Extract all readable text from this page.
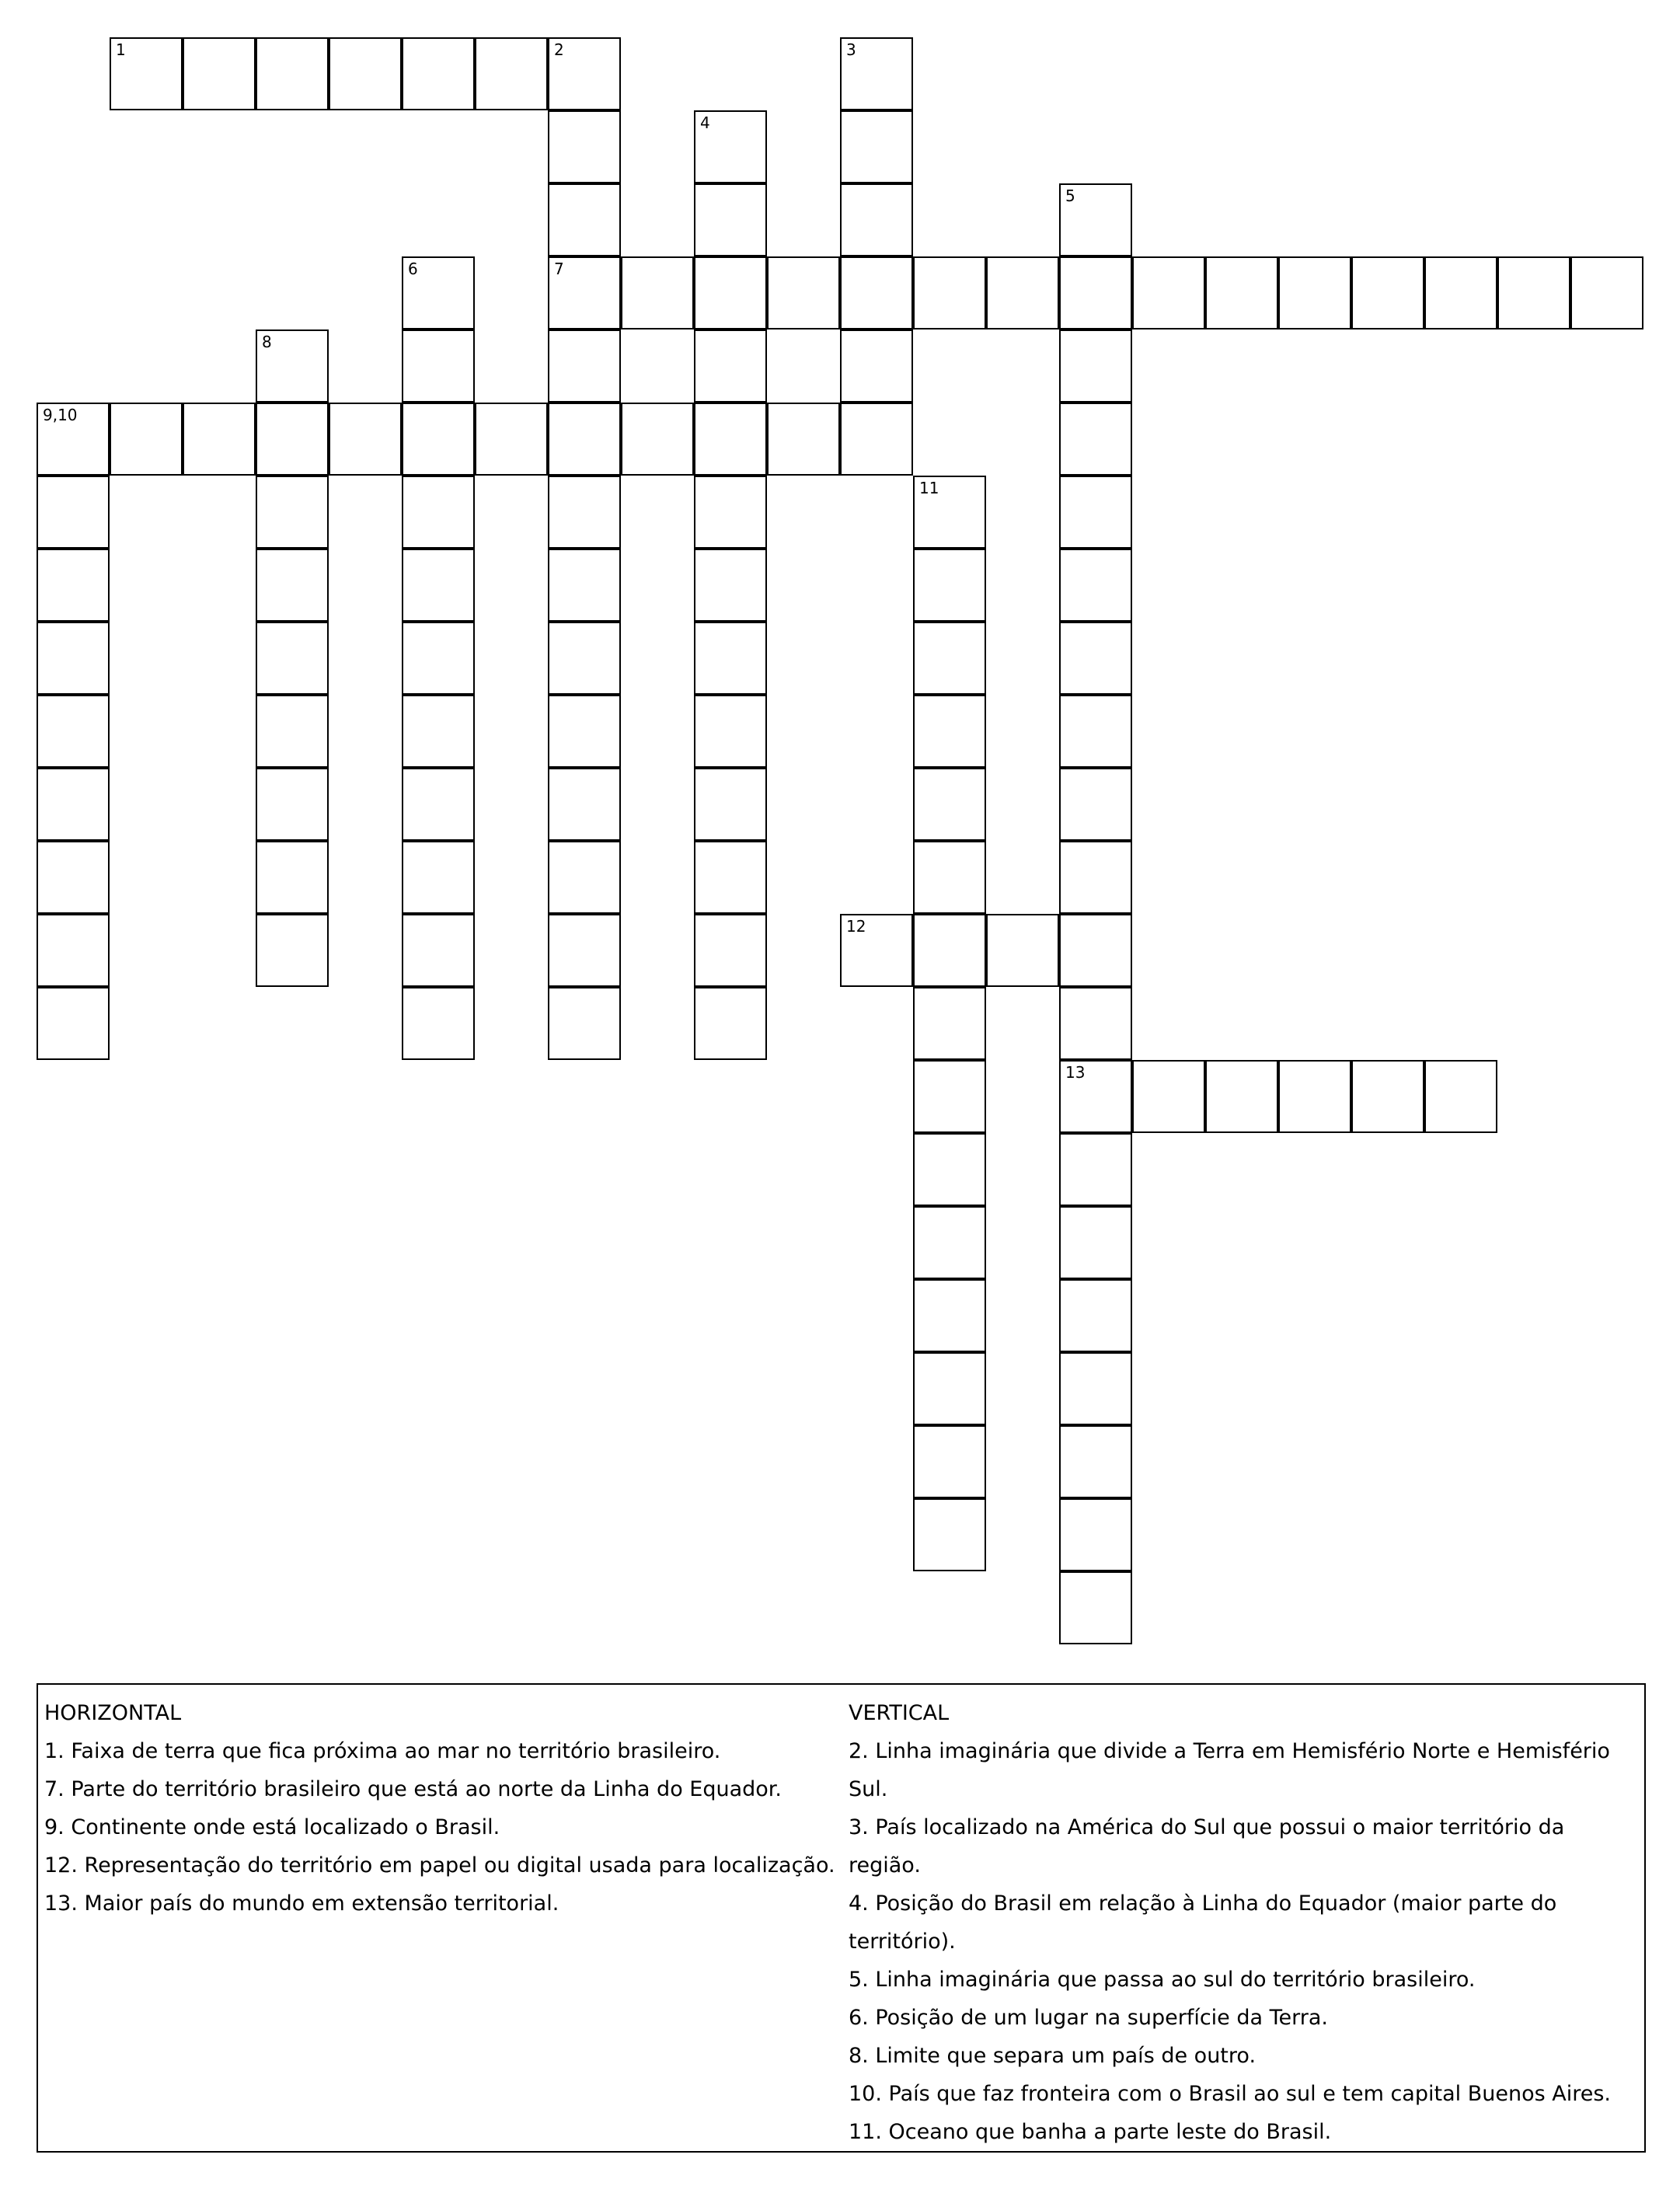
1	2	3
4
5
6	7
8
9,10
11
12
13
HORIZONTAL
1. Faixa de terra que fica próxima ao mar no território brasileiro.
7. Parte do território brasileiro que está ao norte da Linha do Equador.
9. Continente onde está localizado o Brasil.
12. Representação do território em papel ou digital usada para localização.
13. Maior país do mundo em extensão territorial.
VERTICAL
2. Linha imaginária que divide a Terra em Hemisfério Norte e Hemisfério Sul.
3. País localizado na América do Sul que possui o maior território da região.
4. Posição do Brasil em relação à Linha do Equador (maior parte do território).
5. Linha imaginária que passa ao sul do território brasileiro.
6. Posição de um lugar na superfície da Terra.
8. Limite que separa um país de outro.
10. País que faz fronteira com o Brasil ao sul e tem capital Buenos Aires.
11. Oceano que banha a parte leste do Brasil.
